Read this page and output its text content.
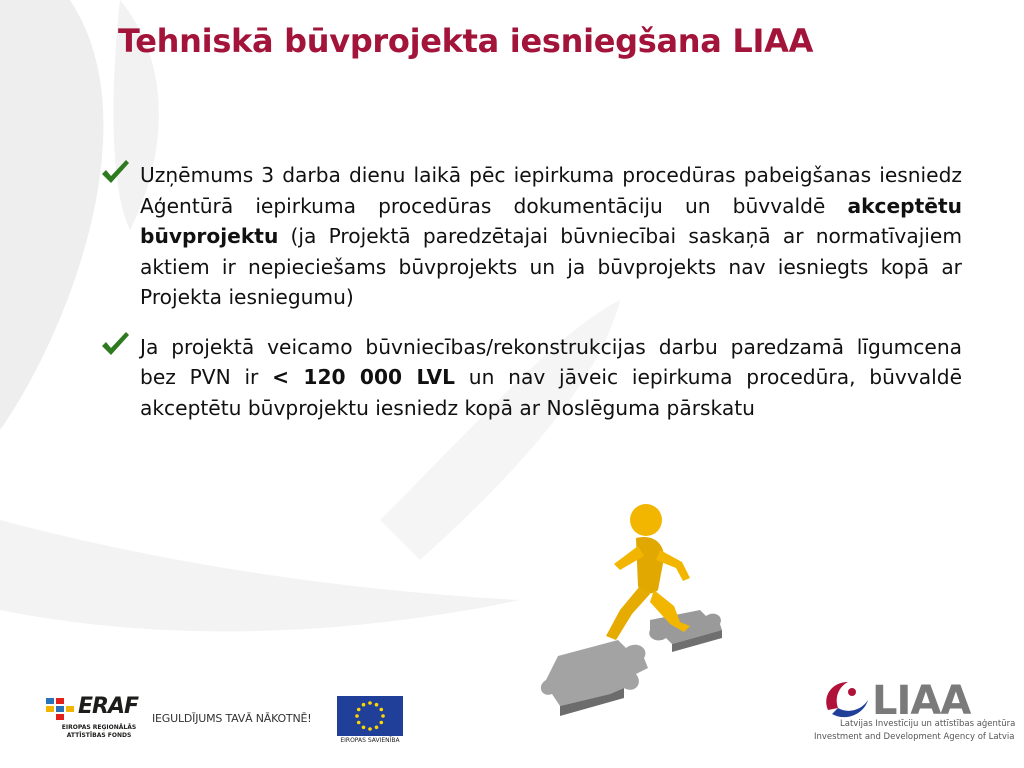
Tehniskā būvprojekta iesniegšana LIAA

Uzņēmums 3 darba dienu laikā pēc iepirkuma procedūras pabeigšanas iesniedz Aģentūrā iepirkuma procedūras dokumentāciju un būvvaldē akceptētu būvprojektu (ja Projektā paredzētajai būvniecībai saskaņā ar normatīvajiem aktiem ir nepieciešams būvprojekts un ja būvprojekts nav iesniegts kopā ar Projekta iesniegumu)

Ja projektā veicamo būvniecības/rekonstrukcijas darbu paredzamā līgumcena bez PVN ir < 120 000 LVL un nav jāveic iepirkuma procedūra, būvvaldē akceptētu būvprojektu iesniedz kopā ar Noslēguma pārskatu

ERAF
EIROPAS REĢIONĀLĀS
ATTĪSTĪBAS FONDS
IEGULDĪJUMS TAVĀ NĀKOTNĒ!
EIROPAS SAVIENĪBA
LIAA
Latvijas Investīciju un attīstības aģentūra
Investment and Development Agency of Latvia
